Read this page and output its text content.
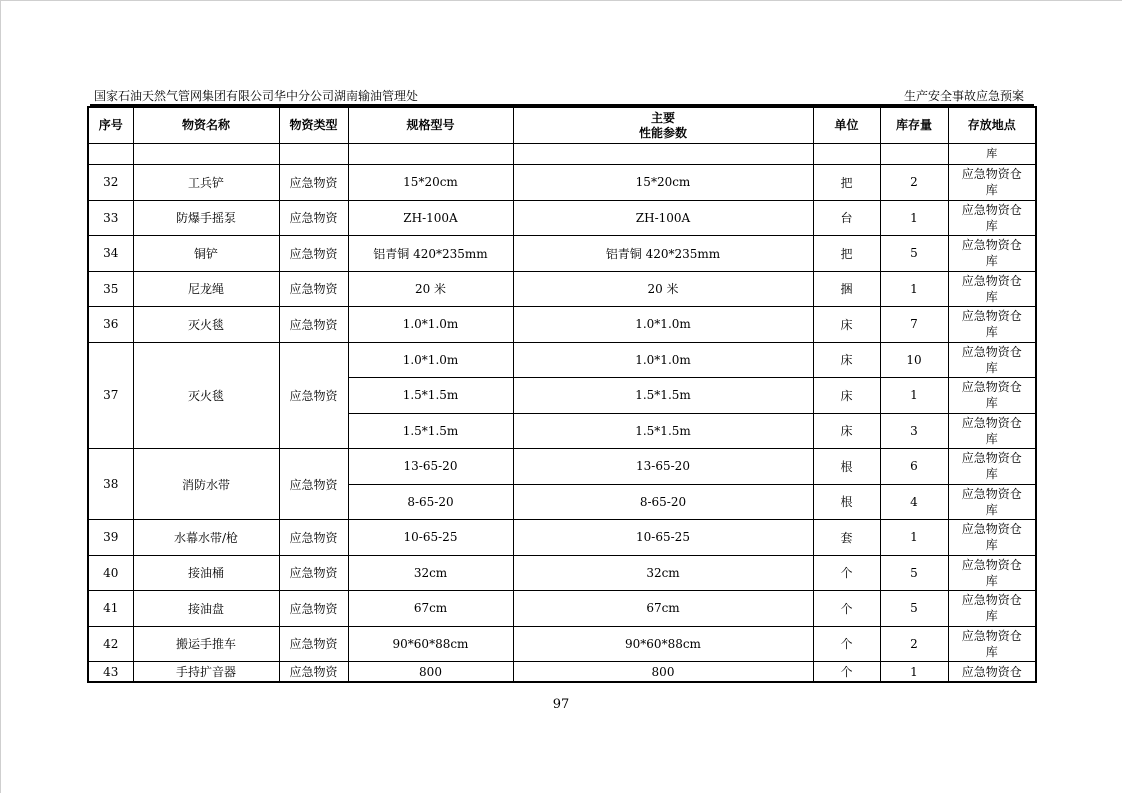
国家石油天然气管网集团有限公司华中分公司湖南输油管理处	生产安全事故应急预案
序号	物资名称	物资类型	规格型号	主要
性能参数	单位	库存量	存放地点
							库
32	工兵铲	应急物资	15*20cm	15*20cm	把	2	应急物资仓
库
33	防爆手摇泵	应急物资	ZH-100A	ZH-100A	台	1	应急物资仓
库
34	铜铲	应急物资	铝青铜 420*235mm	铝青铜 420*235mm	把	5	应急物资仓
库
35	尼龙绳	应急物资	20 米	20 米	捆	1	应急物资仓
库
36	灭火毯	应急物资	1.0*1.0m	1.0*1.0m	床	7	应急物资仓
库
37	灭火毯	应急物资	1.0*1.0m	1.0*1.0m	床	10	应急物资仓
库
			1.5*1.5m	1.5*1.5m	床	1	应急物资仓
库
			1.5*1.5m	1.5*1.5m	床	3	应急物资仓
库
38	消防水带	应急物资	13-65-20	13-65-20	根	6	应急物资仓
库
			8-65-20	8-65-20	根	4	应急物资仓
库
39	水幕水带/枪	应急物资	10-65-25	10-65-25	套	1	应急物资仓
库
40	接油桶	应急物资	32cm	32cm	个	5	应急物资仓
库
41	接油盘	应急物资	67cm	67cm	个	5	应急物资仓
库
42	搬运手推车	应急物资	90*60*88cm	90*60*88cm	个	2	应急物资仓
库
43	手持扩音器	应急物资	800	800	个	1	应急物资仓
97
